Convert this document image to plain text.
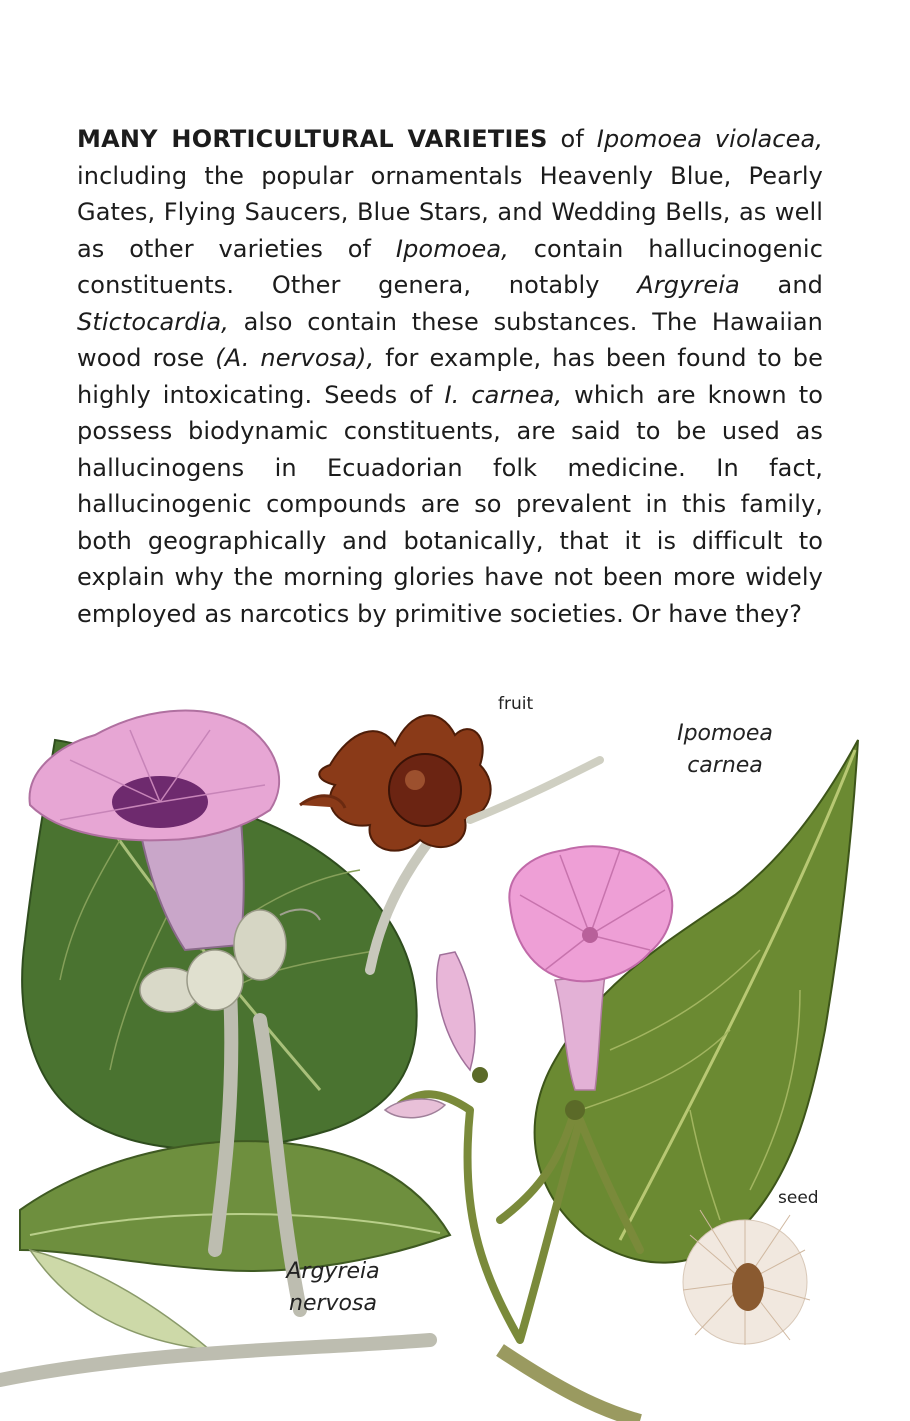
MANY HORTICULTURAL VARIETIES of Ipomoea violacea, including the popular ornamentals Heavenly Blue, Pearly Gates, Flying Saucers, Blue Stars, and Wedding Bells, as well as other varieties of Ipomoea, contain hallucinogenic constituents. Other genera, notably Argyreia and Stictocardia, also contain these substances. The Hawaiian wood rose (A. nervosa), for example, has been found to be highly intoxicating. Seeds of I. carnea, which are known to possess biodynamic constituents, are said to be used as hallucinogens in Ecuadorian folk medicine. In fact, hallucinogenic compounds are so prevalent in this family, both geographically and botanically, that it is difficult to explain why the morning glories have not been more widely employed as narcotics by primitive societies. Or have they?

fruit
seed
Ipomoea
carnea
Argyreia
nervosa
